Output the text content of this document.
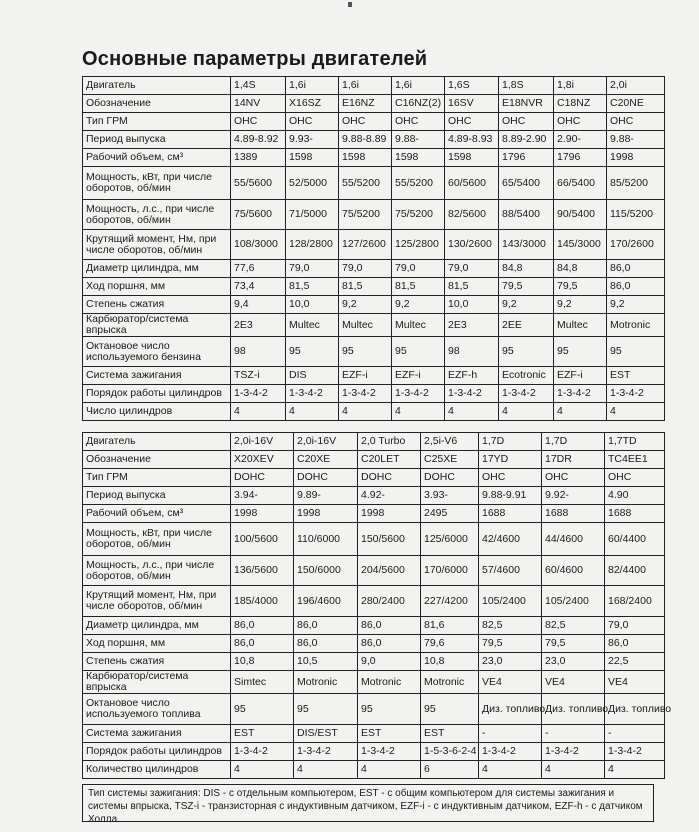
Основные параметры двигателей
Двигатель	1,4S	1,6i	1,6i	1,6i	1,6S	1,8S	1,8i	2,0i
Обозначение	14NV	X16SZ	E16NZ	C16NZ(2)	16SV	E18NVR	C18NZ	C20NE
Тип ГРМ	OHC	OHC	OHC	OHC	OHC	OHC	OHC	OHC
Период выпуска	4.89-8.92	9.93-	9.88-8.89	9.88-	4.89-8.93	8.89-2.90	2.90-	9.88-
Рабочий объем, см³	1389	1598	1598	1598	1598	1796	1796	1998
Мощность, кВт, при числе оборотов, об/мин	55/5600	52/5000	55/5200	55/5200	60/5600	65/5400	66/5400	85/5200
Мощность, л.с., при числе оборотов, об/мин	75/5600	71/5000	75/5200	75/5200	82/5600	88/5400	90/5400	115/5200
Крутящий момент, Нм, при числе оборотов, об/мин	108/3000	128/2800	127/2600	125/2800	130/2600	143/3000	145/3000	170/2600
Диаметр цилиндра, мм	77,6	79,0	79,0	79,0	79,0	84,8	84,8	86,0
Ход поршня, мм	73,4	81,5	81,5	81,5	81,5	79,5	79,5	86,0
Степень сжатия	9,4	10,0	9,2	9,2	10,0	9,2	9,2	9,2
Карбюратор/система впрыска	2E3	Multec	Multec	Multec	2E3	2EE	Multec	Motronic
Октановое число используемого бензина	98	95	95	95	98	95	95	95
Система зажигания	TSZ-i	DIS	EZF-i	EZF-i	EZF-h	Ecotronic	EZF-i	EST
Порядок работы цилиндров	1-3-4-2	1-3-4-2	1-3-4-2	1-3-4-2	1-3-4-2	1-3-4-2	1-3-4-2	1-3-4-2
Число цилиндров	4	4	4	4	4	4	4	4
Двигатель	2,0i-16V	2,0i-16V	2,0 Turbo	2,5i-V6	1,7D	1,7D	1,7TD
Обозначение	X20XEV	C20XE	C20LET	C25XE	17YD	17DR	TC4EE1
Тип ГРМ	DOHC	DOHC	DOHC	DOHC	OHC	OHC	OHC
Период выпуска	3.94-	9.89-	4.92-	3.93-	9.88-9.91	9.92-	4.90
Рабочий объем, см³	1998	1998	1998	2495	1688	1688	1688
Мощность, кВт, при числе оборотов, об/мин	100/5600	110/6000	150/5600	125/6000	42/4600	44/4600	60/4400
Мощность, л.с., при числе оборотов, об/мин	136/5600	150/6000	204/5600	170/6000	57/4600	60/4600	82/4400
Крутящий момент, Нм, при числе оборотов, об/мин	185/4000	196/4600	280/2400	227/4200	105/2400	105/2400	168/2400
Диаметр цилиндра, мм	86,0	86,0	86,0	81,6	82,5	82,5	79,0
Ход поршня, мм	86,0	86,0	86,0	79,6	79,5	79,5	86,0
Степень сжатия	10,8	10,5	9,0	10,8	23,0	23,0	22,5
Карбюратор/система впрыска	Simtec	Motronic	Motronic	Motronic	VE4	VE4	VE4
Октановое число используемого топлива	95	95	95	95	Диз. топливо	Диз. топливо	Диз. топливо
Система зажигания	EST	DIS/EST	EST	EST	-	-	-
Порядок работы цилиндров	1-3-4-2	1-3-4-2	1-3-4-2	1-5-3-6-2-4	1-3-4-2	1-3-4-2	1-3-4-2
Количество цилиндров	4	4	4	6	4	4	4
Тип системы зажигания: DIS - с отдельным компьютером, EST - с общим компьютером для системы зажигания и системы впрыска, TSZ-i - транзисторная с индуктивным датчиком, EZF-i - с индуктивным датчиком, EZF-h - с датчиком Холла.
